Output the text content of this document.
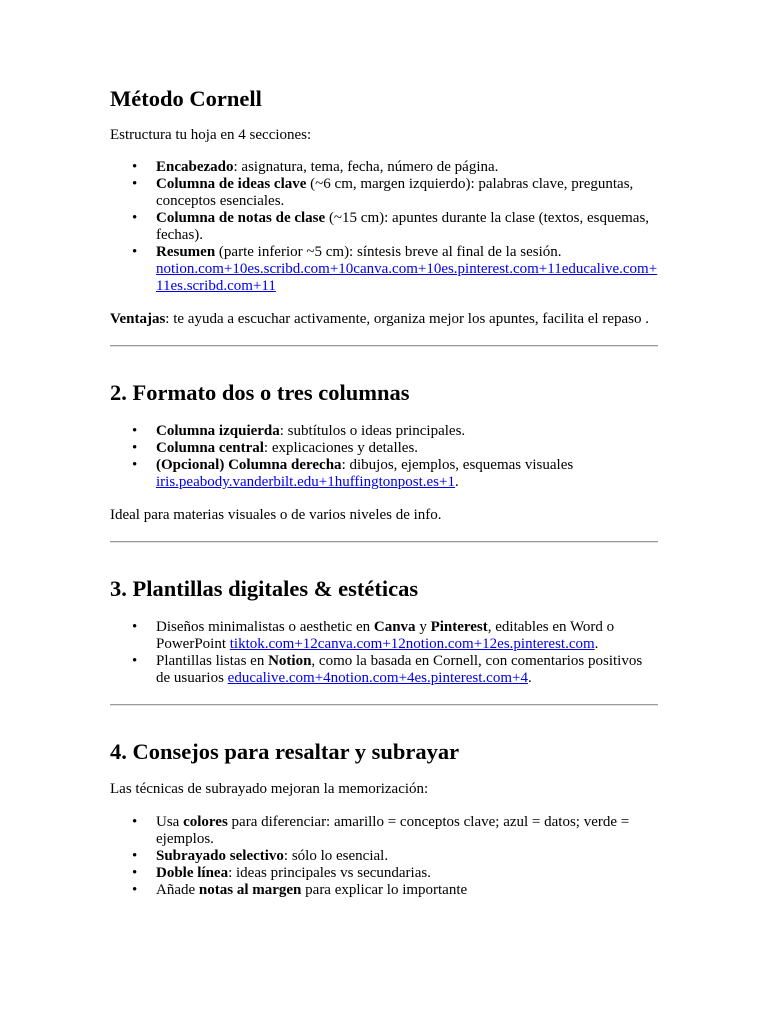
Método Cornell

Estructura tu hoja en 4 secciones:

• Encabezado: asignatura, tema, fecha, número de página.
• Columna de ideas clave (~6 cm, margen izquierdo): palabras clave, preguntas, conceptos esenciales.
• Columna de notas de clase (~15 cm): apuntes durante la clase (textos, esquemas, fechas).
• Resumen (parte inferior ~5 cm): síntesis breve al final de la sesión.
notion.com+10es.scribd.com+10canva.com+10es.pinterest.com+11educalive.com+11es.scribd.com+11

Ventajas: te ayuda a escuchar activamente, organiza mejor los apuntes, facilita el repaso .

2. Formato dos o tres columnas
• Columna izquierda: subtítulos o ideas principales.
• Columna central: explicaciones y detalles.
• (Opcional) Columna derecha: dibujos, ejemplos, esquemas visuales
iris.peabody.vanderbilt.edu+1huffingtonpost.es+1.

Ideal para materias visuales o de varios niveles de info.

3. Plantillas digitales & estéticas
• Diseños minimalistas o aesthetic en Canva y Pinterest, editables en Word o PowerPoint tiktok.com+12canva.com+12notion.com+12es.pinterest.com.
• Plantillas listas en Notion, como la basada en Cornell, con comentarios positivos de usuarios educalive.com+4notion.com+4es.pinterest.com+4.
4. Consejos para resaltar y subrayar

Las técnicas de subrayado mejoran la memorización:

• Usa colores para diferenciar: amarillo = conceptos clave; azul = datos; verde = ejemplos.
• Subrayado selectivo: sólo lo esencial.
• Doble línea: ideas principales vs secundarias.
• Añade notas al margen para explicar lo importante
